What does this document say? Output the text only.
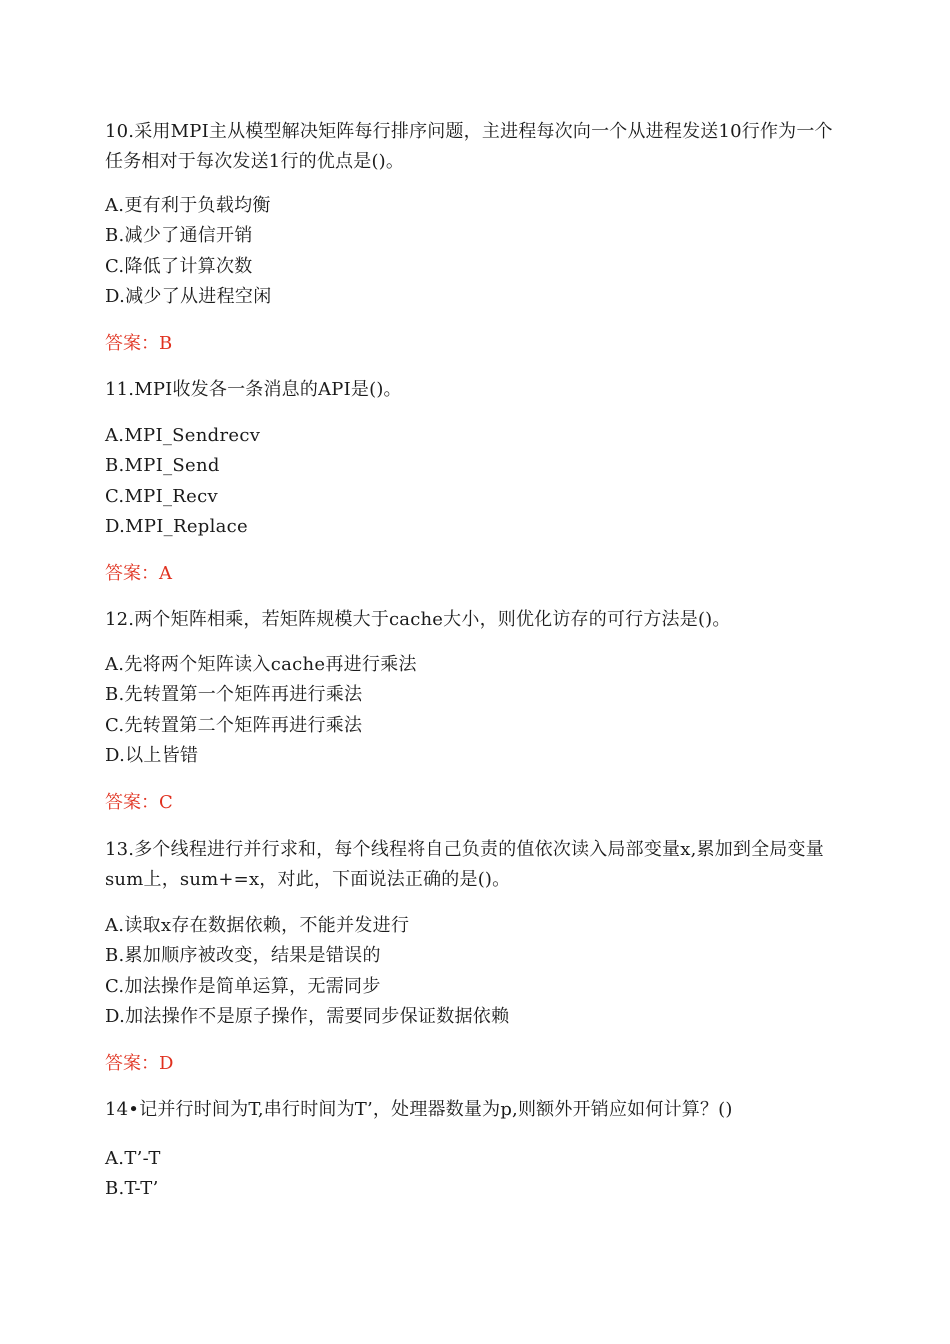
10.采用MPI主从模型解决矩阵每行排序问题，主进程每次向一个从进程发送10行作为一个任务相对于每次发送1行的优点是()。

A.更有利于负载均衡
B.减少了通信开销
C.降低了计算次数
D.减少了从进程空闲

答案：B

11.MPI收发各一条消息的API是()。

A.MPI_Sendrecv
B.MPI_Send
C.MPI_Recv
D.MPI_Replace

答案：A

12.两个矩阵相乘，若矩阵规模大于cache大小，则优化访存的可行方法是()。

A.先将两个矩阵读入cache再进行乘法
B.先转置第一个矩阵再进行乘法
C.先转置第二个矩阵再进行乘法
D.以上皆错

答案：C

13.多个线程进行并行求和，每个线程将自己负责的值依次读入局部变量x,累加到全局变量sum上，sum+=x，对此，下面说法正确的是()。

A.读取x存在数据依赖，不能并发进行
B.累加顺序被改变，结果是错误的
C.加法操作是简单运算，无需同步
D.加法操作不是原子操作，需要同步保证数据依赖

答案：D

14•记并行时间为T,串行时间为T’，处理器数量为p,则额外开销应如何计算？()

A.T’-T
B.T-T’
